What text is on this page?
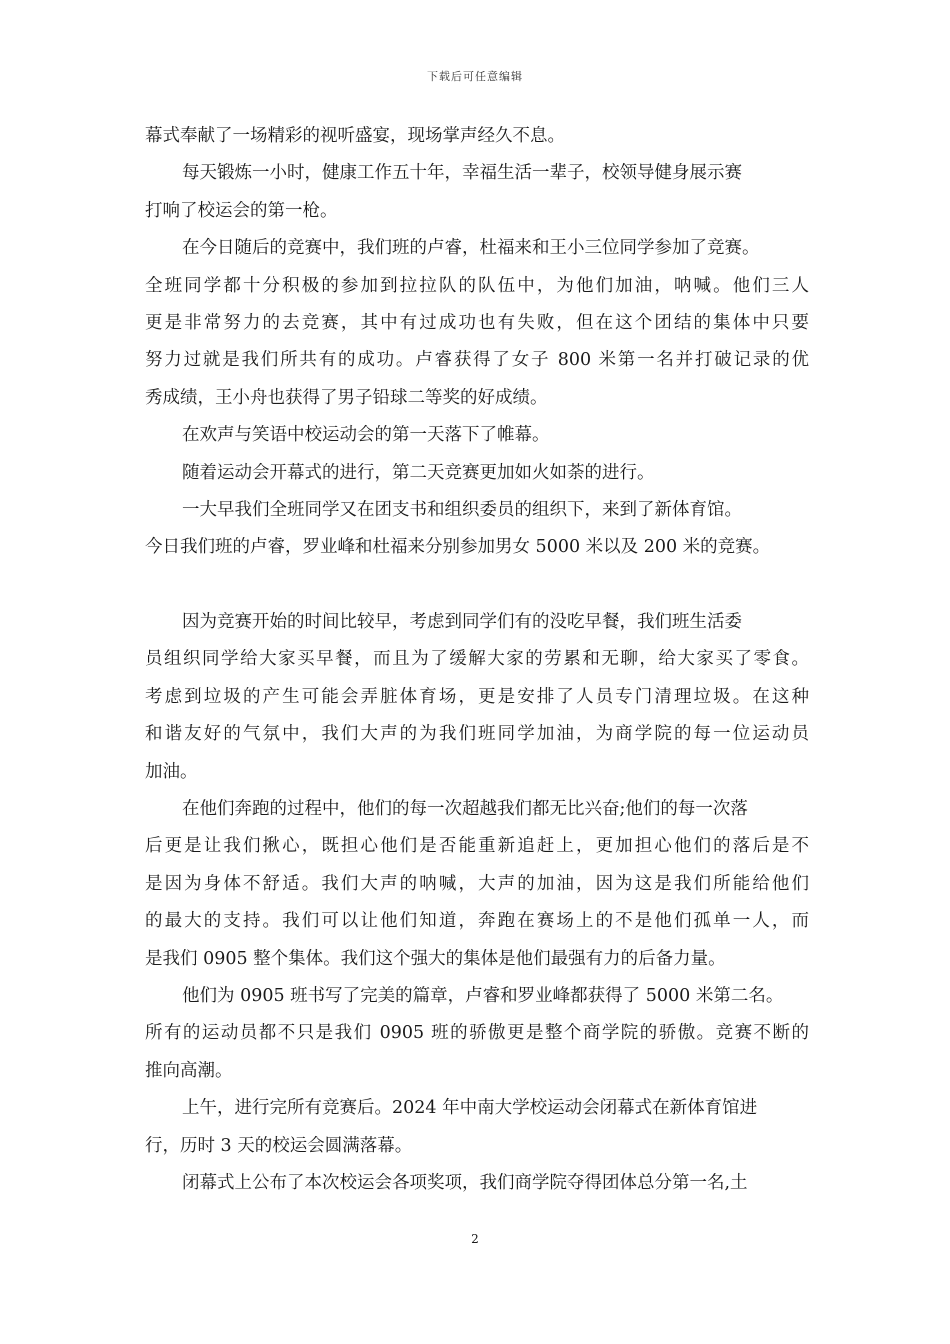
下载后可任意编辑
幕式奉献了一场精彩的视听盛宴，现场掌声经久不息。
每天锻炼一小时，健康工作五十年，幸福生活一辈子，校领导健身展示赛
打响了校运会的第一枪。
在今日随后的竞赛中，我们班的卢睿，杜福来和王小三位同学参加了竞赛。
全班同学都十分积极的参加到拉拉队的队伍中，为他们加油，呐喊。他们三人
更是非常努力的去竞赛，其中有过成功也有失败，但在这个团结的集体中只要
努力过就是我们所共有的成功。卢睿获得了女子 800 米第一名并打破记录的优
秀成绩，王小舟也获得了男子铅球二等奖的好成绩。
在欢声与笑语中校运动会的第一天落下了帷幕。
随着运动会开幕式的进行，第二天竞赛更加如火如荼的进行。
一大早我们全班同学又在团支书和组织委员的组织下，来到了新体育馆。
今日我们班的卢睿，罗业峰和杜福来分别参加男女 5000 米以及 200 米的竞赛。
因为竞赛开始的时间比较早，考虑到同学们有的没吃早餐，我们班生活委
员组织同学给大家买早餐，而且为了缓解大家的劳累和无聊，给大家买了零食。
考虑到垃圾的产生可能会弄脏体育场，更是安排了人员专门清理垃圾。在这种
和谐友好的气氛中，我们大声的为我们班同学加油，为商学院的每一位运动员
加油。
在他们奔跑的过程中，他们的每一次超越我们都无比兴奋;他们的每一次落
后更是让我们揪心，既担心他们是否能重新追赶上，更加担心他们的落后是不
是因为身体不舒适。我们大声的呐喊，大声的加油，因为这是我们所能给他们
的最大的支持。我们可以让他们知道，奔跑在赛场上的不是他们孤单一人，而
是我们 0905 整个集体。我们这个强大的集体是他们最强有力的后备力量。
他们为 0905 班书写了完美的篇章，卢睿和罗业峰都获得了 5000 米第二名。
所有的运动员都不只是我们 0905 班的骄傲更是整个商学院的骄傲。竞赛不断的
推向高潮。
上午，进行完所有竞赛后。2024 年中南大学校运动会闭幕式在新体育馆进
行，历时 3 天的校运会圆满落幕。
闭幕式上公布了本次校运会各项奖项，我们商学院夺得团体总分第一名,土
2
